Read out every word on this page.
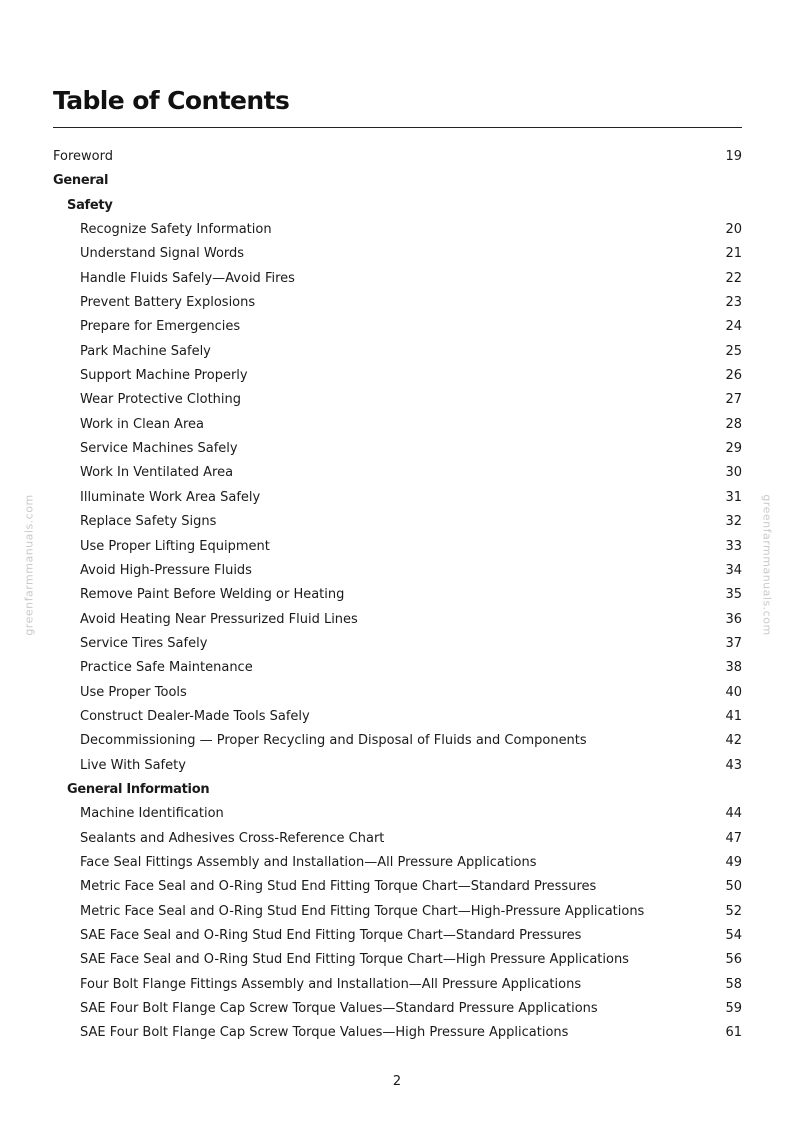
Table of Contents
Foreword	19
General
Safety
Recognize Safety Information	20
Understand Signal Words	21
Handle Fluids Safely—Avoid Fires	22
Prevent Battery Explosions	23
Prepare for Emergencies	24
Park Machine Safely	25
Support Machine Properly	26
Wear Protective Clothing	27
Work in Clean Area	28
Service Machines Safely	29
Work In Ventilated Area	30
Illuminate Work Area Safely	31
Replace Safety Signs	32
Use Proper Lifting Equipment	33
Avoid High-Pressure Fluids	34
Remove Paint Before Welding or Heating	35
Avoid Heating Near Pressurized Fluid Lines	36
Service Tires Safely	37
Practice Safe Maintenance	38
Use Proper Tools	40
Construct Dealer-Made Tools Safely	41
Decommissioning — Proper Recycling and Disposal of Fluids and Components	42
Live With Safety	43
General Information
Machine Identification	44
Sealants and Adhesives Cross-Reference Chart	47
Face Seal Fittings Assembly and Installation—All Pressure Applications	49
Metric Face Seal and O-Ring Stud End Fitting Torque Chart—Standard Pressures	50
Metric Face Seal and O-Ring Stud End Fitting Torque Chart—High-Pressure Applications	52
SAE Face Seal and O-Ring Stud End Fitting Torque Chart—Standard Pressures	54
SAE Face Seal and O-Ring Stud End Fitting Torque Chart—High Pressure Applications	56
Four Bolt Flange Fittings Assembly and Installation—All Pressure Applications	58
SAE Four Bolt Flange Cap Screw Torque Values—Standard Pressure Applications	59
SAE Four Bolt Flange Cap Screw Torque Values—High Pressure Applications	61
greenfarmmanuals.com	greenfarmmanuals.com
2
